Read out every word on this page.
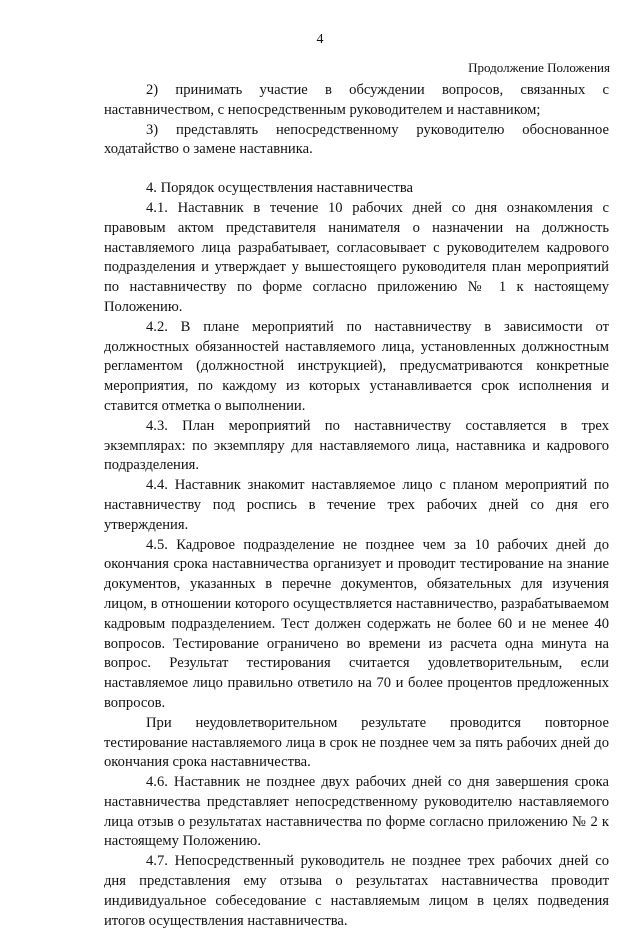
4
Продолжение Положения

2) принимать участие в обсуждении вопросов, связанных с наставничеством, с непосредственным руководителем и наставником;

3) представлять непосредственному руководителю обоснованное ходатайство о замене наставника.

4. Порядок осуществления наставничества

4.1. Наставник в течение 10 рабочих дней со дня ознакомления с правовым актом представителя нанимателя о назначении на должность наставляемого лица разрабатывает, согласовывает с руководителем кадрового подразделения и утверждает у вышестоящего руководителя план мероприятий по наставничеству по форме согласно приложению № 1 к настоящему Положению.

4.2. В плане мероприятий по наставничеству в зависимости от должностных обязанностей наставляемого лица, установленных должностным регламентом (должностной инструкцией), предусматриваются конкретные мероприятия, по каждому из которых устанавливается срок исполнения и ставится отметка о выполнении.

4.3. План мероприятий по наставничеству составляется в трех экземплярах: по экземпляру для наставляемого лица, наставника и кадрового подразделения.

4.4. Наставник знакомит наставляемое лицо с планом мероприятий по наставничеству под роспись в течение трех рабочих дней со дня его утверждения.

4.5. Кадровое подразделение не позднее чем за 10 рабочих дней до окончания срока наставничества организует и проводит тестирование на знание документов, указанных в перечне документов, обязательных для изучения лицом, в отношении которого осуществляется наставничество, разрабатываемом кадровым подразделением. Тест должен содержать не более 60 и не менее 40 вопросов. Тестирование ограничено во времени из расчета одна минута на вопрос. Результат тестирования считается удовлетворительным, если наставляемое лицо правильно ответило на 70 и более процентов предложенных вопросов.

При неудовлетворительном результате проводится повторное тестирование наставляемого лица в срок не позднее чем за пять рабочих дней до окончания срока наставничества.

4.6. Наставник не позднее двух рабочих дней со дня завершения срока наставничества представляет непосредственному руководителю наставляемого лица отзыв о результатах наставничества по форме согласно приложению № 2 к настоящему Положению.

4.7. Непосредственный руководитель не позднее трех рабочих дней со дня представления ему отзыва о результатах наставничества проводит индивидуальное собеседование с наставляемым лицом в целях подведения итогов осуществления наставничества.
